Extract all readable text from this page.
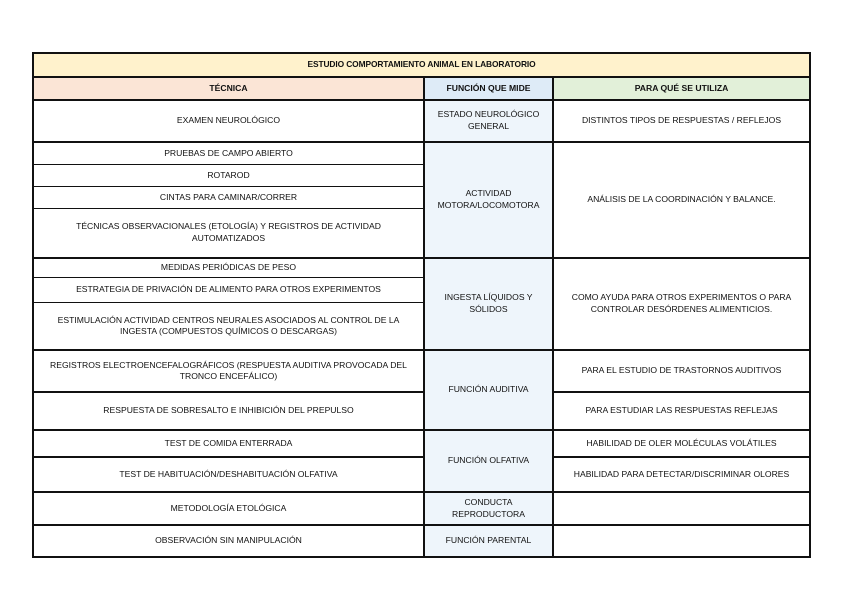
ESTUDIO COMPORTAMIENTO ANIMAL EN LABORATORIO		
TÉCNICA	FUNCIÓN QUE MIDE	PARA QUÉ SE UTILIZA
EXAMEN NEUROLÓGICO	ESTADO NEUROLÓGICO GENERAL	DISTINTOS TIPOS DE RESPUESTAS / REFLEJOS
PRUEBAS DE CAMPO ABIERTO	ACTIVIDAD MOTORA/LOCOMOTORA	ANÁLISIS DE LA COORDINACIÓN Y BALANCE.
ROTAROD		
CINTAS PARA CAMINAR/CORRER		
TÉCNICAS OBSERVACIONALES (ETOLOGÍA) Y REGISTROS DE ACTIVIDAD AUTOMATIZADOS		
MEDIDAS PERIÓDICAS DE PESO	INGESTA LÍQUIDOS Y SÓLIDOS	COMO AYUDA PARA OTROS EXPERIMENTOS O PARA CONTROLAR DESÓRDENES ALIMENTICIOS.
ESTRATEGIA DE PRIVACIÓN DE ALIMENTO PARA OTROS EXPERIMENTOS		
ESTIMULACIÓN ACTIVIDAD CENTROS NEURALES ASOCIADOS AL CONTROL DE LA INGESTA (COMPUESTOS QUÍMICOS O DESCARGAS)		
REGISTROS ELECTROENCEFALOGRÁFICOS (RESPUESTA AUDITIVA PROVOCADA DEL TRONCO ENCEFÁLICO)	FUNCIÓN AUDITIVA	PARA EL ESTUDIO DE TRASTORNOS AUDITIVOS
RESPUESTA DE SOBRESALTO E INHIBICIÓN DEL PREPULSO		PARA ESTUDIAR LAS RESPUESTAS REFLEJAS
TEST DE COMIDA ENTERRADA	FUNCIÓN OLFATIVA	HABILIDAD DE OLER MOLÉCULAS VOLÁTILES
TEST DE HABITUACIÓN/DESHABITUACIÓN OLFATIVA		HABILIDAD PARA DETECTAR/DISCRIMINAR OLORES
METODOLOGÍA ETOLÓGICA	CONDUCTA REPRODUCTORA	
OBSERVACIÓN SIN MANIPULACIÓN	FUNCIÓN PARENTAL	
